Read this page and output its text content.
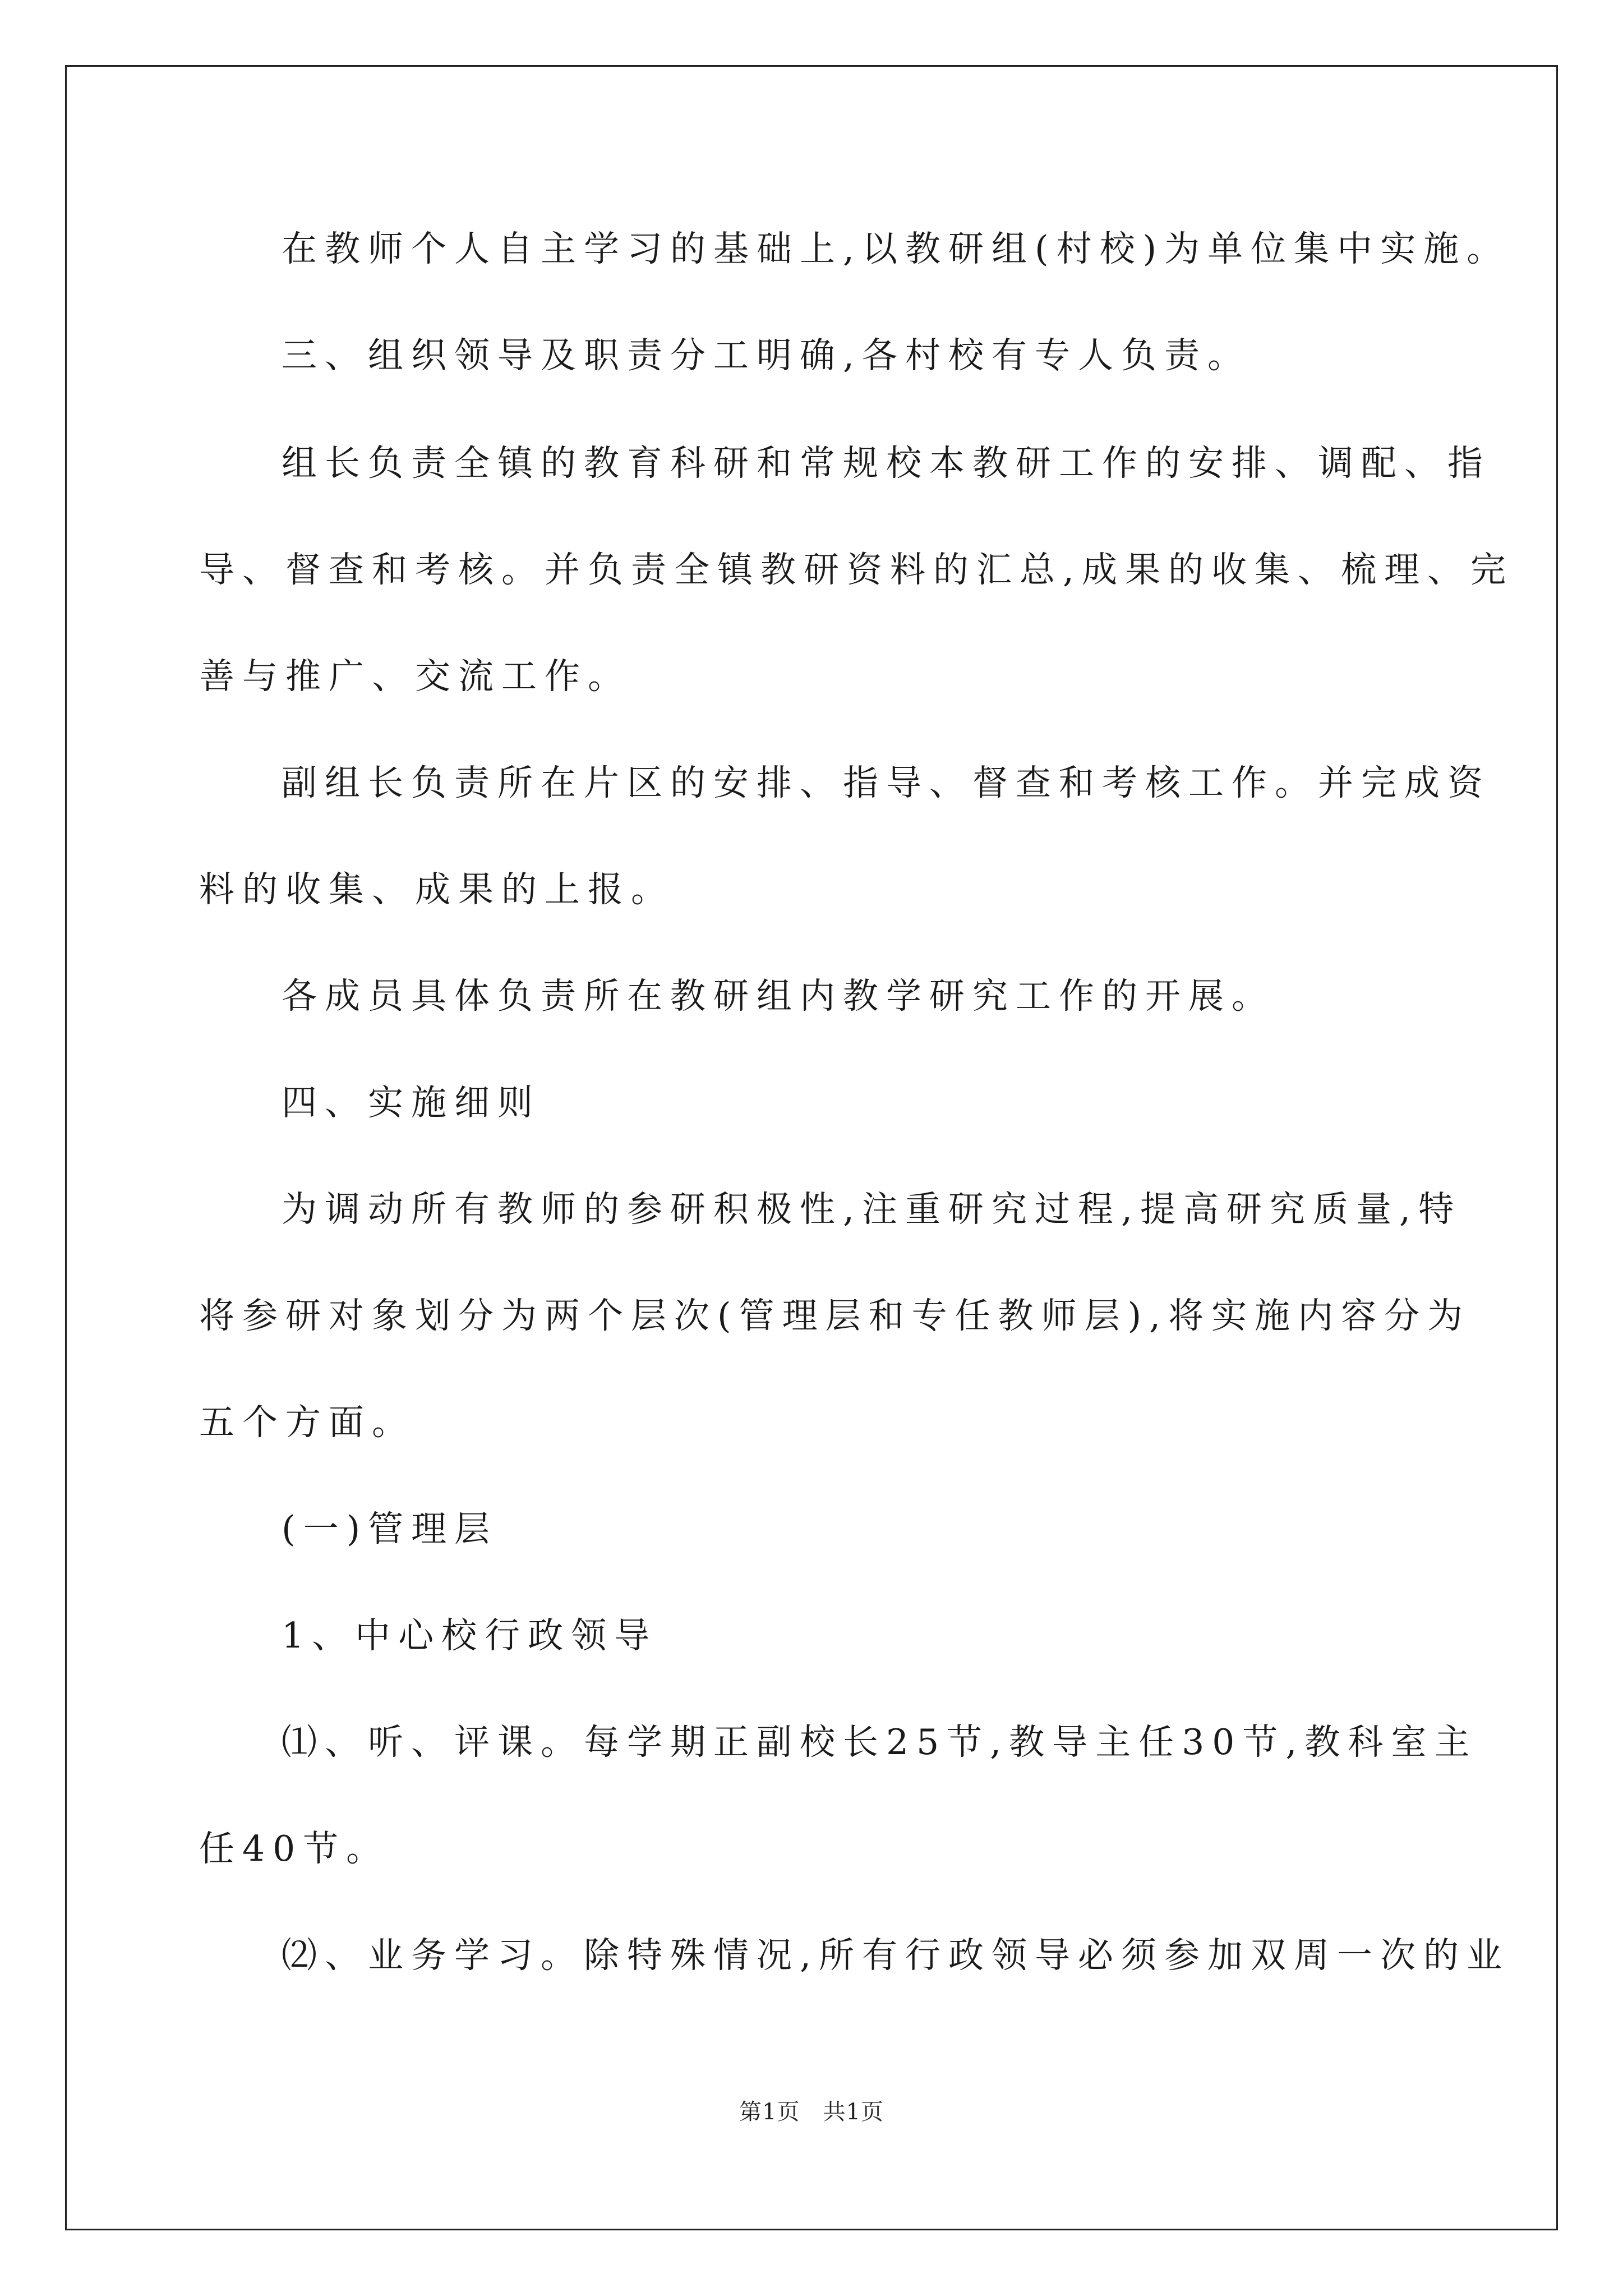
在教师个人自主学习的基础上,以教研组(村校)为单位集中实施。
三、组织领导及职责分工明确,各村校有专人负责。
组长负责全镇的教育科研和常规校本教研工作的安排、调配、指
导、督查和考核。并负责全镇教研资料的汇总,成果的收集、梳理、完
善与推广、交流工作。
副组长负责所在片区的安排、指导、督查和考核工作。并完成资
料的收集、成果的上报。
各成员具体负责所在教研组内教学研究工作的开展。
四、实施细则
为调动所有教师的参研积极性,注重研究过程,提高研究质量,特
将参研对象划分为两个层次(管理层和专任教师层),将实施内容分为
五个方面。
(一)管理层
1、中心校行政领导
⑴、听、评课。每学期正副校长25节,教导主任30节,教科室主
任40节。
⑵、业务学习。除特殊情况,所有行政领导必须参加双周一次的业
第1页　共1页
